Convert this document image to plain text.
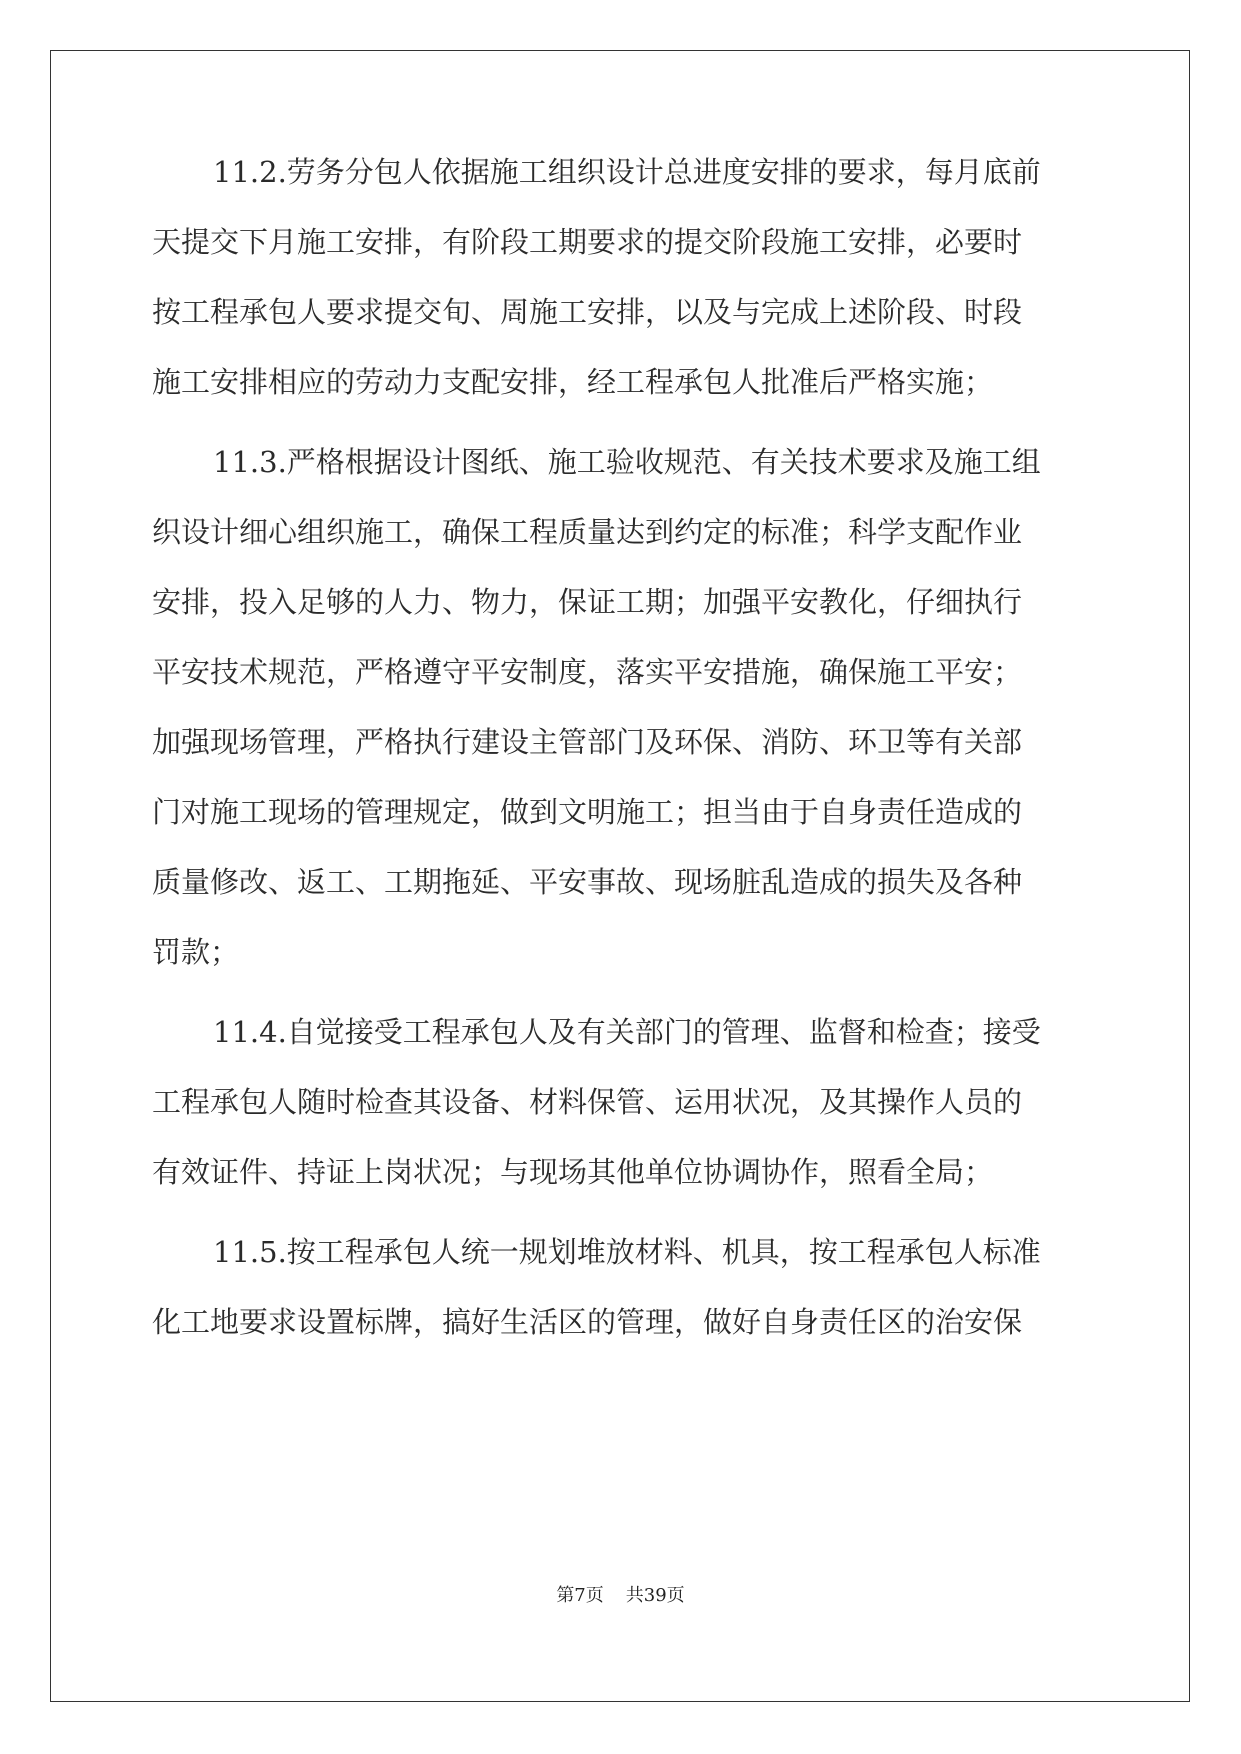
11.2.劳务分包人依据施工组织设计总进度安排的要求，每月底前
天提交下月施工安排，有阶段工期要求的提交阶段施工安排，必要时
按工程承包人要求提交旬、周施工安排，以及与完成上述阶段、时段
施工安排相应的劳动力支配安排，经工程承包人批准后严格实施；
11.3.严格根据设计图纸、施工验收规范、有关技术要求及施工组
织设计细心组织施工，确保工程质量达到约定的标准；科学支配作业
安排，投入足够的人力、物力，保证工期；加强平安教化，仔细执行
平安技术规范，严格遵守平安制度，落实平安措施，确保施工平安；
加强现场管理，严格执行建设主管部门及环保、消防、环卫等有关部
门对施工现场的管理规定，做到文明施工；担当由于自身责任造成的
质量修改、返工、工期拖延、平安事故、现场脏乱造成的损失及各种
罚款；
11.4.自觉接受工程承包人及有关部门的管理、监督和检查；接受
工程承包人随时检查其设备、材料保管、运用状况，及其操作人员的
有效证件、持证上岗状况；与现场其他单位协调协作，照看全局；
11.5.按工程承包人统一规划堆放材料、机具，按工程承包人标准
化工地要求设置标牌，搞好生活区的管理，做好自身责任区的治安保
第7页 共39页
